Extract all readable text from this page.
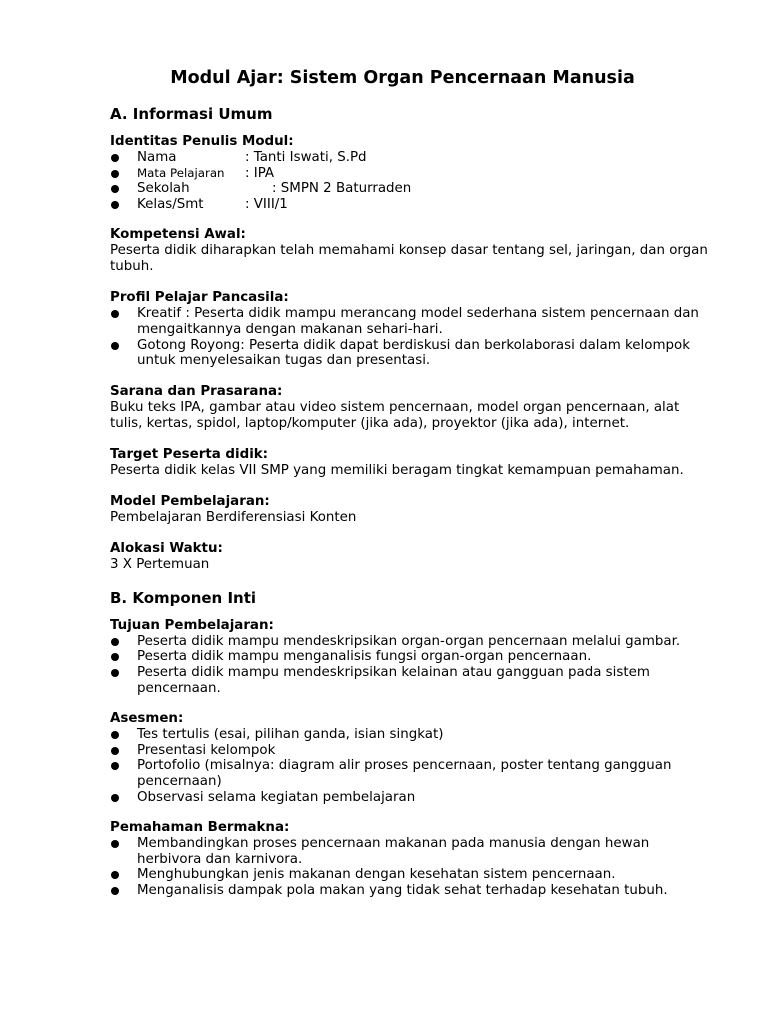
Modul Ajar: Sistem Organ Pencernaan Manusia
A. Informasi Umum
Identitas Penulis Modul:
Nama	: Tanti Iswati, S.Pd
Mata Pelajaran : IPA
Sekolah	: SMPN 2 Baturraden
Kelas/Smt	: VIII/1
Kompetensi Awal:
Peserta didik diharapkan telah memahami konsep dasar tentang sel, jaringan, dan organ tubuh.
Profil Pelajar Pancasila:
Kreatif : Peserta didik mampu merancang model sederhana sistem pencernaan dan mengaitkannya dengan makanan sehari-hari.
Gotong Royong: Peserta didik dapat berdiskusi dan berkolaborasi dalam kelompok untuk menyelesaikan tugas dan presentasi.
Sarana dan Prasarana:
Buku teks IPA, gambar atau video sistem pencernaan, model organ pencernaan, alat tulis, kertas, spidol, laptop/komputer (jika ada), proyektor (jika ada), internet.
Target Peserta didik:
Peserta didik kelas VII SMP yang memiliki beragam tingkat kemampuan pemahaman.
Model Pembelajaran:
Pembelajaran Berdiferensiasi Konten
Alokasi Waktu:
3 X Pertemuan
B. Komponen Inti
Tujuan Pembelajaran:
Peserta didik mampu mendeskripsikan organ-organ pencernaan melalui gambar.
Peserta didik mampu menganalisis fungsi organ-organ pencernaan.
Peserta didik mampu mendeskripsikan kelainan atau gangguan pada sistem pencernaan.
Asesmen:
Tes tertulis (esai, pilihan ganda, isian singkat)
Presentasi kelompok
Portofolio (misalnya: diagram alir proses pencernaan, poster tentang gangguan pencernaan)
Observasi selama kegiatan pembelajaran
Pemahaman Bermakna:
Membandingkan proses pencernaan makanan pada manusia dengan hewan herbivora dan karnivora.
Menghubungkan jenis makanan dengan kesehatan sistem pencernaan.
Menganalisis dampak pola makan yang tidak sehat terhadap kesehatan tubuh.
